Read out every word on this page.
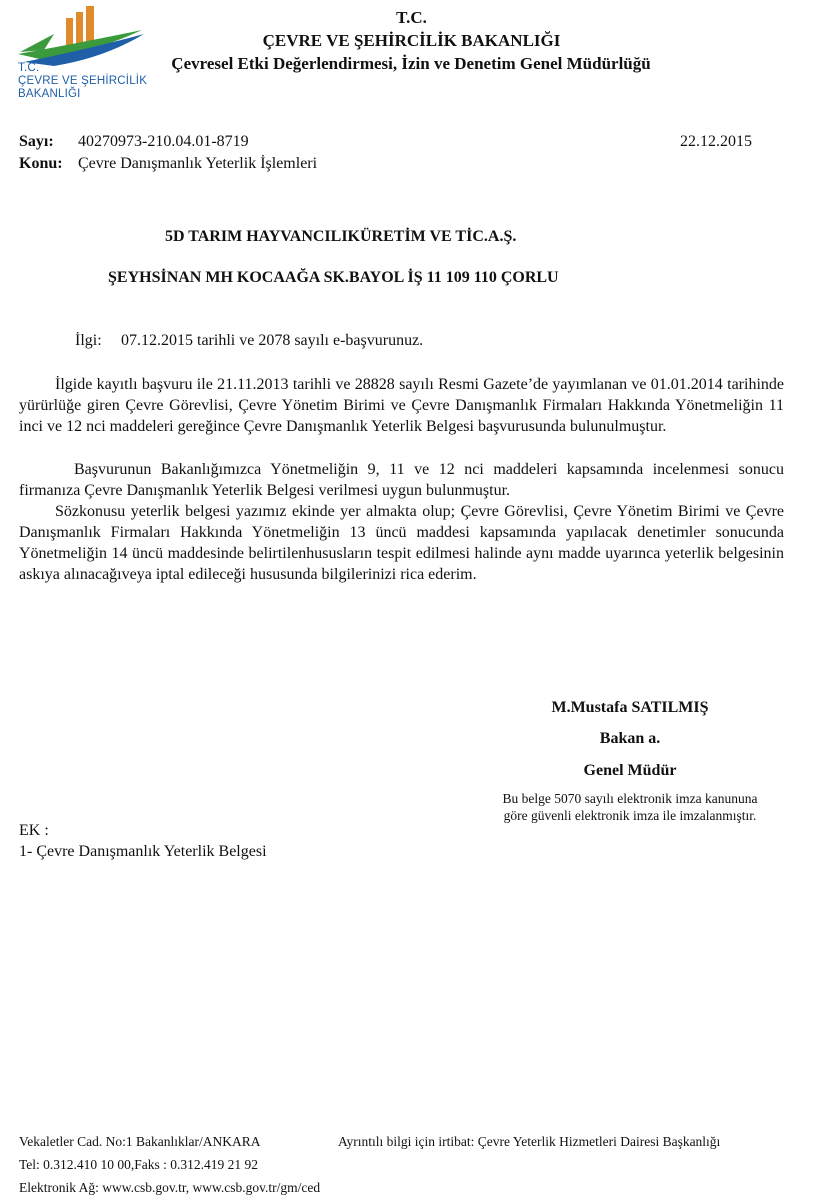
T.C.
ÇEVRE VE ŞEHİRCİLİK
BAKANLIĞI
T.C.
ÇEVRE VE ŞEHİRCİLİK BAKANLIĞI
Çevresel Etki Değerlendirmesi, İzin ve Denetim Genel Müdürlüğü
Sayı: 40270973-210.04.01-8719	22.12.2015
Konu: Çevre Danışmanlık Yeterlik İşlemleri
5D TARIM HAYVANCILIKÜRETİM VE TİC.A.Ş.
ŞEYHSİNAN MH KOCAAĞA SK.BAYOL İŞ 11 109 110 ÇORLU
İlgi: 07.12.2015 tarihli ve 2078 sayılı e-başvurunuz.
İlgide kayıtlı başvuru ile 21.11.2013 tarihli ve 28828 sayılı Resmi Gazete’de yayımlanan ve 01.01.2014 tarihinde yürürlüğe giren Çevre Görevlisi, Çevre Yönetim Birimi ve Çevre Danışmanlık Firmaları Hakkında Yönetmeliğin 11 inci ve 12 nci maddeleri gereğince Çevre Danışmanlık Yeterlik Belgesi başvurusunda bulunulmuştur.
Başvurunun Bakanlığımızca Yönetmeliğin 9, 11 ve 12 nci maddeleri kapsamında incelenmesi sonucu firmanıza Çevre Danışmanlık Yeterlik Belgesi verilmesi uygun bulunmuştur.
Sözkonusu yeterlik belgesi yazımız ekinde yer almakta olup; Çevre Görevlisi, Çevre Yönetim Birimi ve Çevre Danışmanlık Firmaları Hakkında Yönetmeliğin 13 üncü maddesi kapsamında yapılacak denetimler sonucunda Yönetmeliğin 14 üncü maddesinde belirtilenhususların tespit edilmesi halinde aynı madde uyarınca yeterlik belgesinin askıya alınacağıveya iptal edileceği hususunda bilgilerinizi rica ederim.
M.Mustafa SATILMIŞ
Bakan a.
Genel Müdür
Bu belge 5070 sayılı elektronik imza kanununa
göre güvenli elektronik imza ile imzalanmıştır.
EK :
1- Çevre Danışmanlık Yeterlik Belgesi
Vekaletler Cad. No:1 Bakanlıklar/ANKARA	Ayrıntılı bilgi için irtibat: Çevre Yeterlik Hizmetleri Dairesi Başkanlığı
Tel: 0.312.410 10 00,Faks : 0.312.419 21 92
Elektronik Ağ: www.csb.gov.tr, www.csb.gov.tr/gm/ced
